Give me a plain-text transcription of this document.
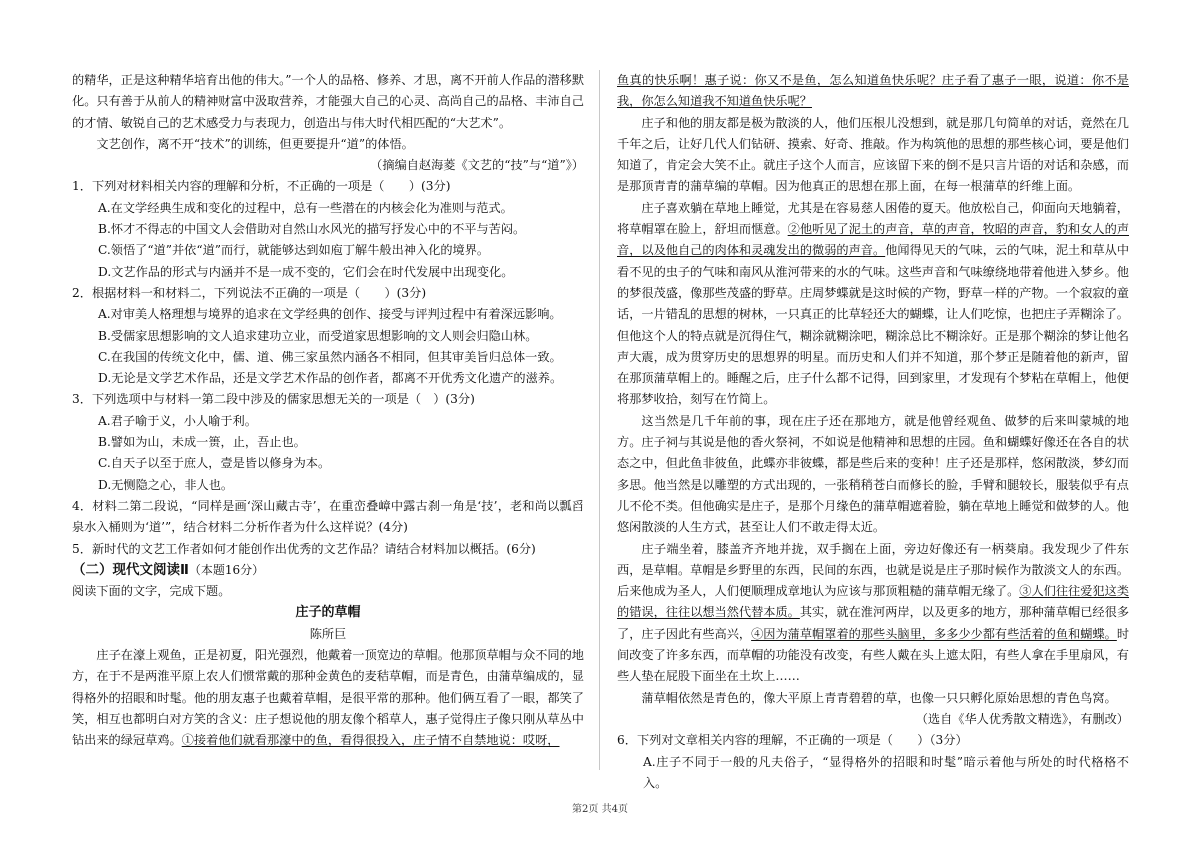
的精华，正是这种精华培育出他的伟大。”一个人的品格、修养、才思，离不开前人作品的潜移默化。只有善于从前人的精神财富中汲取营养，才能强大自己的心灵、高尚自己的品格、丰沛自己的才情、敏锐自己的艺术感受力与表现力，创造出与伟大时代相匹配的“大艺术”。

文艺创作，离不开“技术”的训练，但更要提升“道”的体悟。

（摘编自赵海菱《文艺的“技”与“道”》）

1．下列对材料相关内容的理解和分析，不正确的一项是（　　）(3分)

A.在文学经典生成和变化的过程中，总有一些潜在的内核会化为准则与范式。

B.怀才不得志的中国文人会借助对自然山水风光的描写抒发心中的不平与苦闷。

C.领悟了“道”并依“道”而行，就能够达到如庖丁解牛般出神入化的境界。

D.文艺作品的形式与内涵并不是一成不变的，它们会在时代发展中出现变化。

2．根据材料一和材料二，下列说法不正确的一项是（　　）(3分)

A.对审美人格理想与境界的追求在文学经典的创作、接受与评判过程中有着深远影响。

B.受儒家思想影响的文人追求建功立业，而受道家思想影响的文人则会归隐山林。

C.在我国的传统文化中，儒、道、佛三家虽然内涵各不相同，但其审美旨归总体一致。

D.无论是文学艺术作品，还是文学艺术作品的创作者，都离不开优秀文化遗产的滋养。

3．下列选项中与材料一第二段中涉及的儒家思想无关的一项是（　）(3分)

A.君子喻于义，小人喻于利。

B.譬如为山，未成一篑，止，吾止也。

C.自天子以至于庶人，壹是皆以修身为本。

D.无恻隐之心，非人也。

4．材料二第二段说，“同样是画‘深山藏古寺’，在重峦叠嶂中露古刹一角是‘技’，老和尚以瓢舀泉水入桶则为‘道’”，结合材料二分析作者为什么这样说？(4分)

5．新时代的文艺工作者如何才能创作出优秀的文艺作品？请结合材料加以概括。(6分)

（二）现代文阅读Ⅱ（本题16分）

阅读下面的文字，完成下题。

庄子的草帽

陈所巨

庄子在濠上观鱼，正是初夏，阳光强烈，他戴着一顶宽边的草帽。他那顶草帽与众不同的地方，在于不是两淮平原上农人们惯常戴的那种金黄色的麦秸草帽，而是青色，由蒲草编成的，显得格外的招眼和时髦。他的朋友惠子也戴着草帽，是很平常的那种。他们俩互看了一眼，都笑了笑，相互也都明白对方笑的含义：庄子想说他的朋友像个稻草人，惠子觉得庄子像只刚从草丛中钻出来的绿冠草鸡。①接着他们就看那濠中的鱼，看得很投入，庄子情不自禁地说：哎呀，

鱼真的快乐啊！惠子说：你又不是鱼，怎么知道鱼快乐呢？庄子看了惠子一眼，说道：你不是我，你怎么知道我不知道鱼快乐呢？

庄子和他的朋友都是极为散淡的人，他们压根儿没想到，就是那几句简单的对话，竟然在几千年之后，让好几代人们钻研、摸索、好奇、推敲。作为构筑他的思想的那些核心词，要是他们知道了，肯定会大笑不止。就庄子这个人而言，应该留下来的倒不是只言片语的对话和杂感，而是那顶青青的蒲草编的草帽。因为他真正的思想在那上面，在每一根蒲草的纤维上面。

庄子喜欢躺在草地上睡觉，尤其是在容易慈人困倦的夏天。他放松自己，仰面向天地躺着，将草帽罩在脸上，舒坦而惬意。②他听见了泥土的声音，草的声音，牧昭的声音，豹和女人的声音，以及他自己的肉体和灵魂发出的微弱的声音。他闻得见天的气味，云的气味，泥土和草从中看不见的虫子的气味和南风从淮河带来的水的气味。这些声音和气味缭绕地带着他进入梦乡。他的梦很茂盛，像那些茂盛的野草。庄周梦蝶就是这时候的产物，野草一样的产物。一个寂寂的童话，一片错乱的思想的树林，一只真正的比草轻还大的蝴蝶，让人们吃惊，也把庄子弄糊涂了。但他这个人的特点就是沉得住气，糊涂就糊涂吧，糊涂总比不糊涂好。正是那个糊涂的梦让他名声大震，成为贯穿历史的思想界的明星。而历史和人们并不知道，那个梦正是随着他的新声，留在那顶蒲草帽上的。睡醒之后，庄子什么都不记得，回到家里，才发现有个梦粘在草帽上，他便将那梦收拾，刻写在竹简上。

这当然是几千年前的事，现在庄子还在那地方，就是他曾经观鱼、做梦的后来叫蒙城的地方。庄子祠与其说是他的香火祭祠，不如说是他精神和思想的庄园。鱼和蝴蝶好像还在各自的状态之中，但此鱼非彼鱼，此蝶亦非彼蝶，都是些后来的变种！庄子还是那样，悠闲散淡，梦幻而多思。他当然是以雕塑的方式出现的，一张稍稍苍白而修长的脸，手臂和腿较长，服装似乎有点儿不伦不类。但他确实是庄子，是那个月缘色的蒲草帽遮着脸，躺在草地上睡觉和做梦的人。他悠闲散淡的人生方式，甚至让人们不敢走得太近。

庄子端坐着，膝盖齐齐地并拢，双手搁在上面，旁边好像还有一柄葵扇。我发现少了件东西，是草帽。草帽是乡野里的东西，民间的东西，也就是说是庄子那时候作为散淡文人的东西。后来他成为圣人，人们便顺理成章地认为应该与那顶粗糙的蒲草帽无缘了。③人们往往爱犯这类的错误，往往以想当然代替本质。其实，就在淮河两岸，以及更多的地方，那种蒲草帽已经很多了，庄子因此有些高兴，④因为蒲草帽罩着的那些头脑里，多多少少都有些活着的鱼和蝴蝶。时间改变了许多东西，而草帽的功能没有改变，有些人戴在头上遮太阳，有些人拿在手里扇风，有些人垫在屁股下面坐在土坎上……

蒲草帽依然是青色的，像大平原上青青碧碧的草，也像一只只孵化原始思想的青色鸟窝。

（选自《华人优秀散文精选》，有删改）

6．下列对文章相关内容的理解，不正确的一项是（　　）（3分）

A.庄子不同于一般的凡夫俗子，“显得格外的招眼和时髦”暗示着他与所处的时代格格不入。

第2页 共4页
